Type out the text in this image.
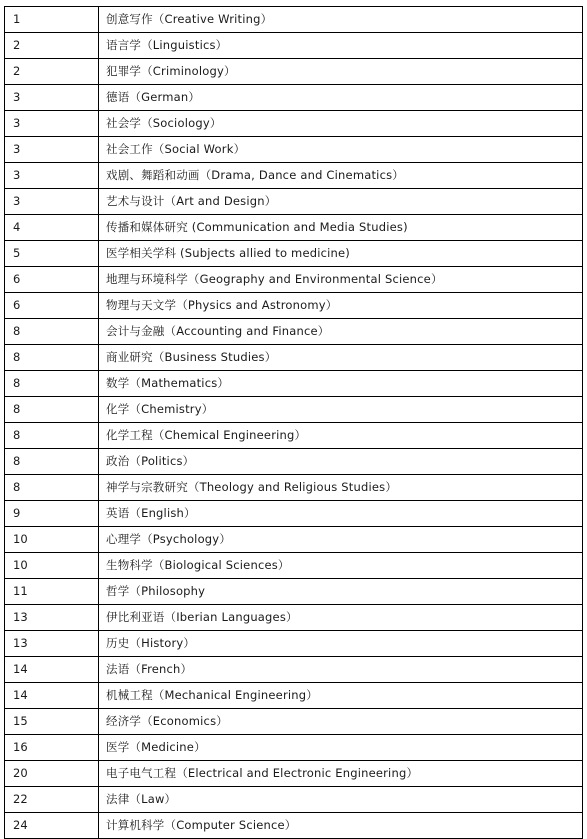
1	创意写作（Creative Writing）
2	语言学（Linguistics）
2	犯罪学（Criminology）
3	德语（German）
3	社会学（Sociology）
3	社会工作（Social Work）
3	戏剧、舞蹈和动画（Drama, Dance and Cinematics）
3	艺术与设计（Art and Design）
4	传播和媒体研究 (Communication and Media Studies)
5	医学相关学科 (Subjects allied to medicine)
6	地理与环境科学（Geography and Environmental Science）
6	物理与天文学（Physics and Astronomy）
8	会计与金融（Accounting and Finance）
8	商业研究（Business Studies）
8	数学（Mathematics）
8	化学（Chemistry）
8	化学工程（Chemical Engineering）
8	政治（Politics）
8	神学与宗教研究（Theology and Religious Studies）
9	英语（English）
10	心理学（Psychology）
10	生物科学（Biological Sciences）
11	哲学（Philosophy
13	伊比利亚语（Iberian Languages）
13	历史（History）
14	法语（French）
14	机械工程（Mechanical Engineering）
15	经济学（Economics）
16	医学（Medicine）
20	电子电气工程（Electrical and Electronic Engineering）
22	法律（Law）
24	计算机科学（Computer Science）
